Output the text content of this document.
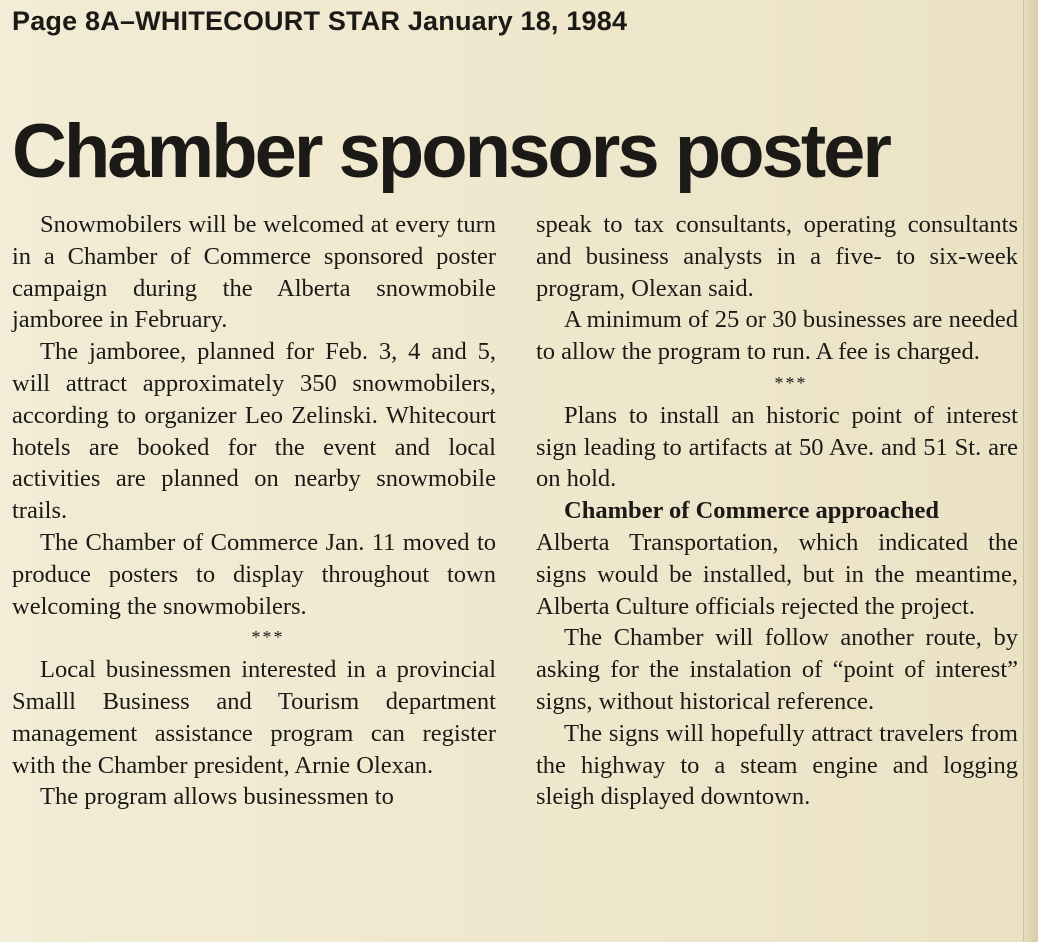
Page 8A–WHITECOURT STAR January 18, 1984
Chamber sponsors poster

Snowmobilers will be welcomed at every turn in a Chamber of Commerce sponsored poster campaign during the Alberta snowmobile jamboree in February.

The jamboree, planned for Feb. 3, 4 and 5, will attract approximately 350 snowmobilers, according to organizer Leo Zelinski. Whitecourt hotels are booked for the event and local activities are planned on nearby snowmobile trails.

The Chamber of Commerce Jan. 11 moved to produce posters to display throughout town welcoming the snowmobilers.

***

Local businessmen interested in a provincial Smalll Business and Tourism department management assistance program can register with the Chamber president, Arnie Olexan.

The program allows businessmen to

speak to tax consultants, operating consultants and business analysts in a five- to six-week program, Olexan said.

A minimum of 25 or 30 businesses are needed to allow the program to run. A fee is charged.

***

Plans to install an historic point of interest sign leading to artifacts at 50 Ave. and 51 St. are on hold.

Chamber of Commerce approached

Alberta Transportation, which indicated the signs would be installed, but in the meantime, Alberta Culture officials rejected the project.

The Chamber will follow another route, by asking for the instalation of “point of interest” signs, without historical reference.

The signs will hopefully attract travelers from the highway to a steam engine and logging sleigh displayed downtown.
